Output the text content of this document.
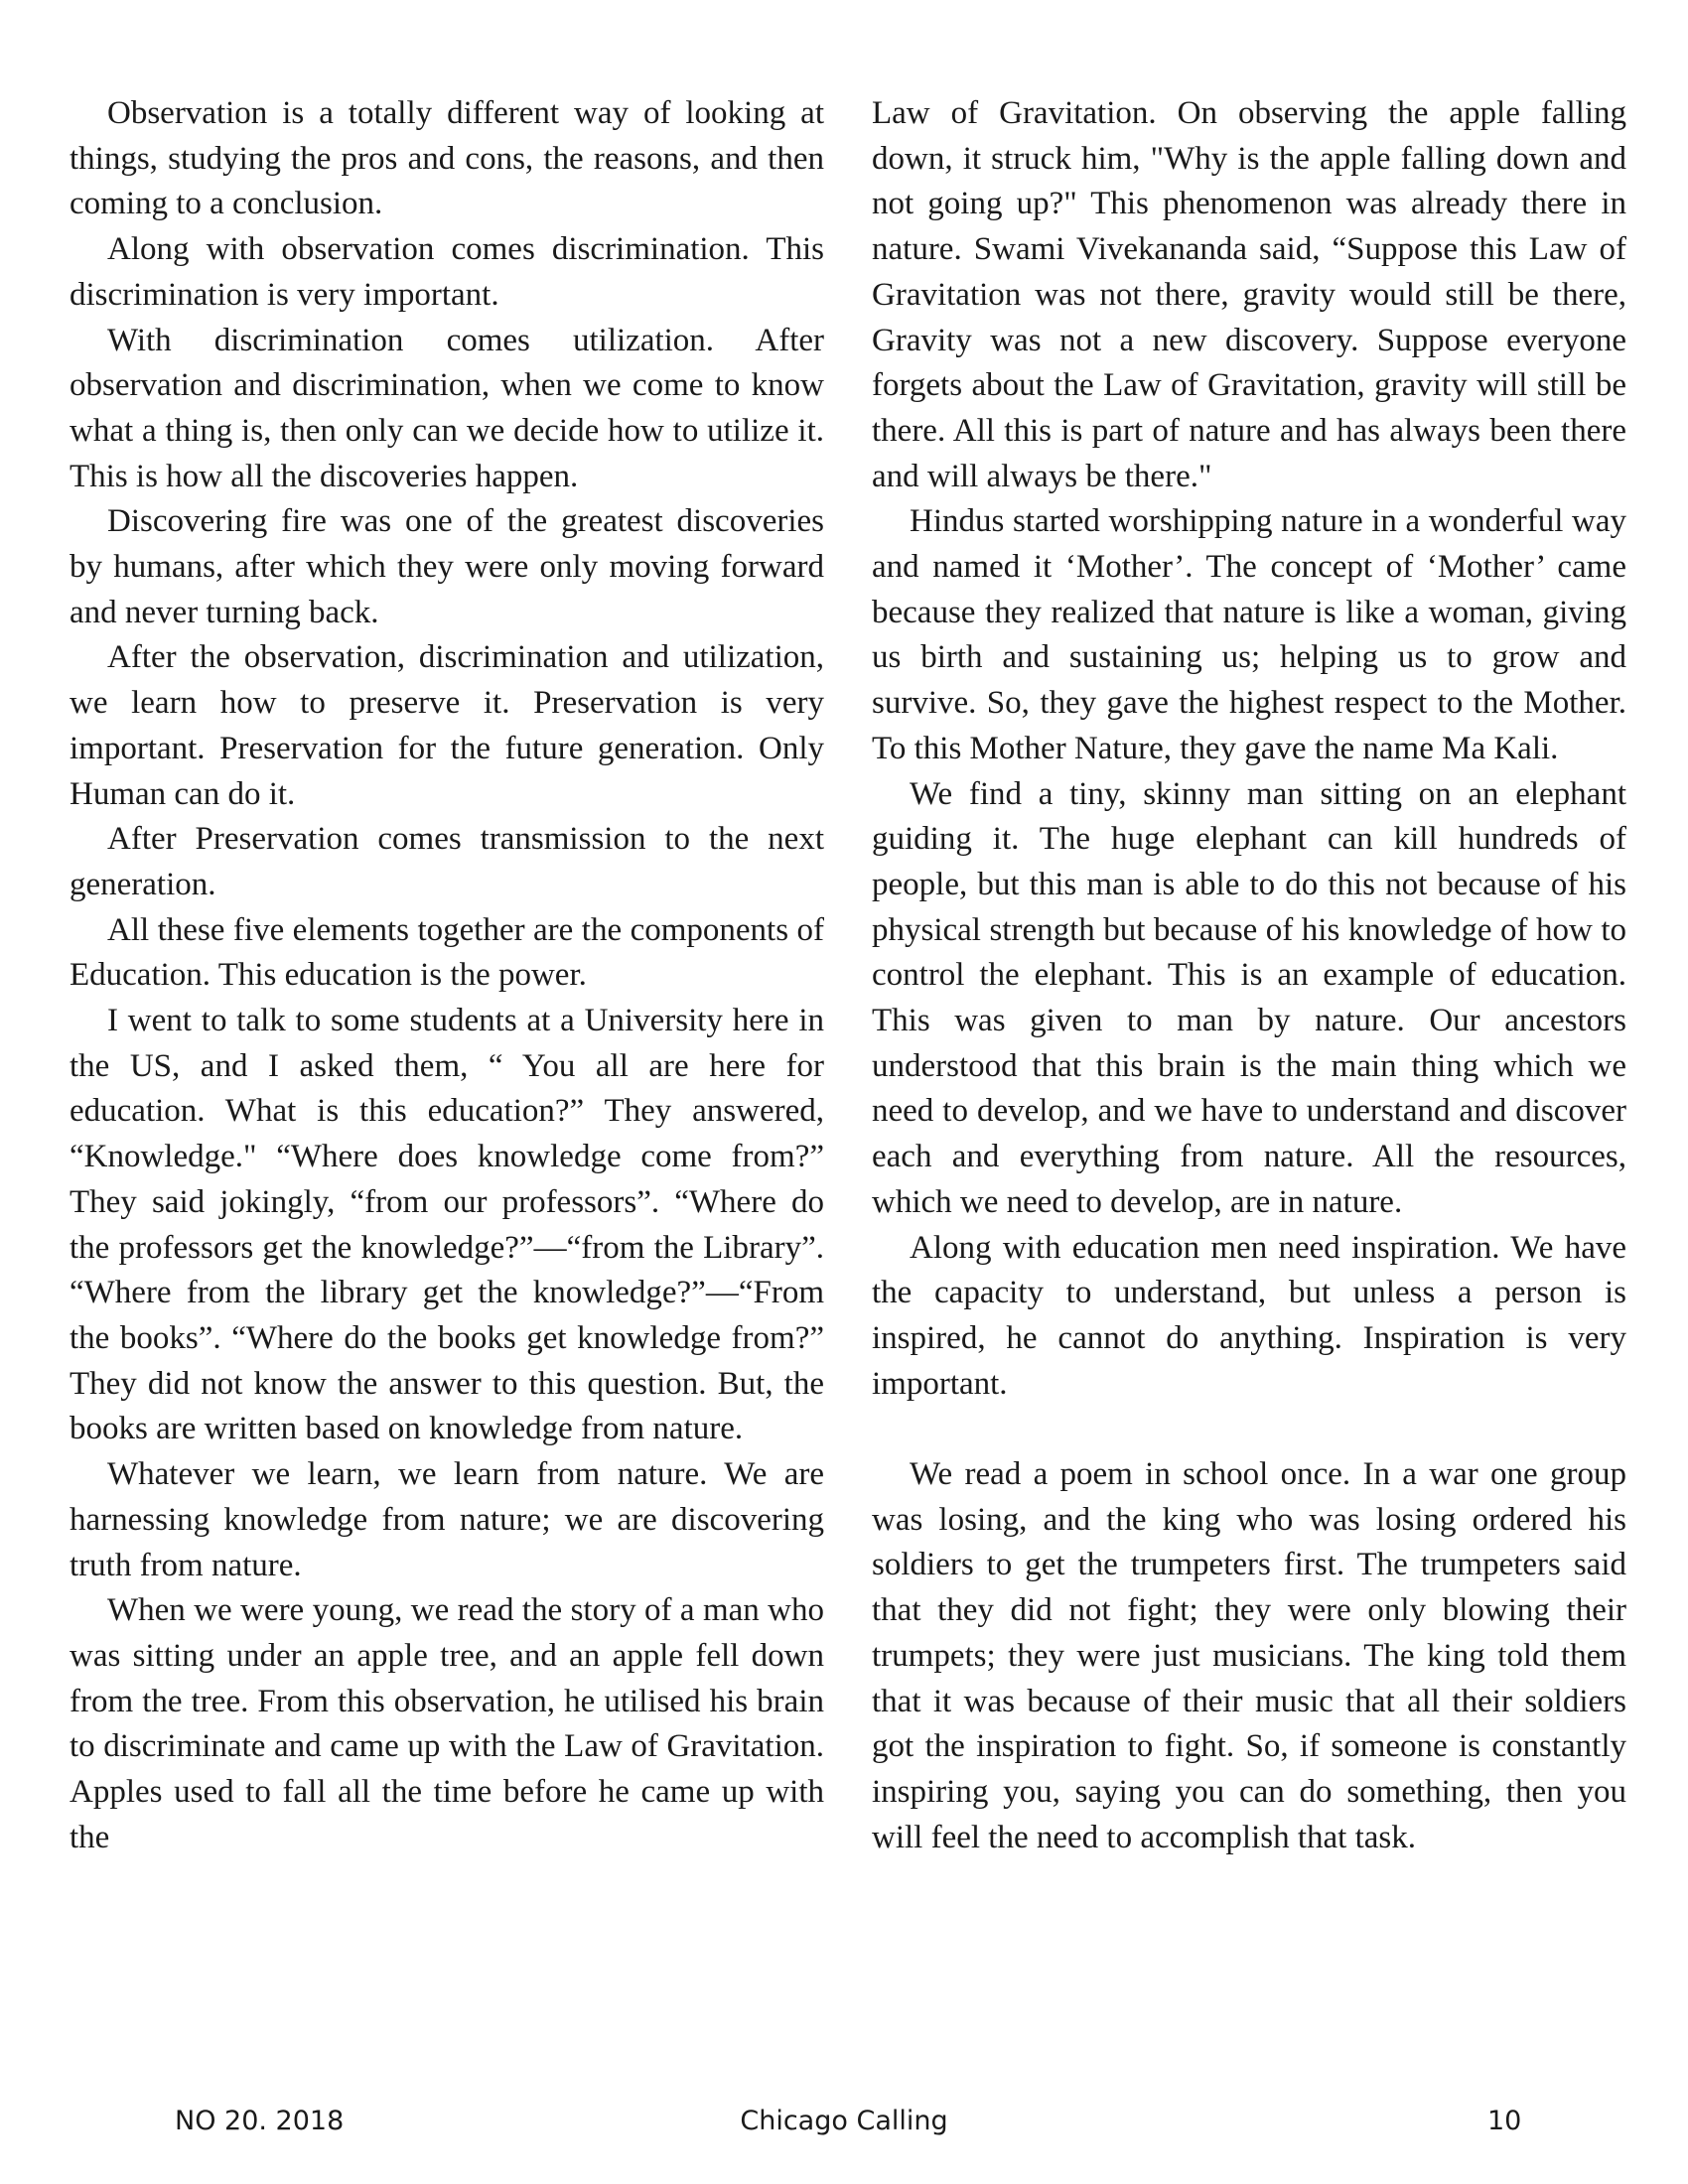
Observation is a totally different way of looking at things, studying the pros and cons, the reasons, and then coming to a conclusion.

Along with observation comes discrimination. This discrimination is very important.

With discrimination comes utilization. After observation and discrimination, when we come to know what a thing is, then only can we decide how to utilize it. This is how all the discoveries happen.

Discovering fire was one of the greatest discoveries by humans, after which they were only moving forward and never turning back.

After the observation, discrimination and utilization, we learn how to preserve it. Preservation is very important. Preservation for the future generation. Only Human can do it.

After Preservation comes transmission to the next generation.

All these five elements together are the components of Education. This education is the power.

I went to talk to some students at a University here in the US, and I asked them, “ You all are here for education. What is this education?” They answered, “Knowledge." “Where does knowledge come from?” They said jokingly, “from our professors”. “Where do the professors get the knowledge?”—“from the Library”. “Where from the library get the knowledge?”—“From the books”. “Where do the books get knowledge from?” They did not know the answer to this question. But, the books are written based on knowledge from nature.

Whatever we learn, we learn from nature. We are harnessing knowledge from nature; we are discovering truth from nature.

When we were young, we read the story of a man who was sitting under an apple tree, and an apple fell down from the tree. From this observation, he utilised his brain to discriminate and came up with the Law of Gravitation. Apples used to fall all the time before he came up with the

Law of Gravitation. On observing the apple falling down, it struck him, "Why is the apple falling down and not going up?" This phenomenon was already there in nature. Swami Vivekananda said, “Suppose this Law of Gravitation was not there, gravity would still be there, Gravity was not a new discovery. Suppose everyone forgets about the Law of Gravitation, gravity will still be there. All this is part of nature and has always been there and will always be there."

Hindus started worshipping nature in a wonderful way and named it ‘Mother’. The concept of ‘Mother’ came because they realized that nature is like a woman, giving us birth and sustaining us; helping us to grow and survive. So, they gave the highest respect to the Mother. To this Mother Nature, they gave the name Ma Kali.

We find a tiny, skinny man sitting on an elephant guiding it. The huge elephant can kill hundreds of people, but this man is able to do this not because of his physical strength but because of his knowledge of how to control the elephant. This is an example of education. This was given to man by nature. Our ancestors understood that this brain is the main thing which we need to develop, and we have to understand and discover each and everything from nature. All the resources, which we need to develop, are in nature.

Along with education men need inspiration. We have the capacity to understand, but unless a person is inspired, he cannot do anything. Inspiration is very important.

We read a poem in school once. In a war one group was losing, and the king who was losing ordered his soldiers to get the trumpeters first. The trumpeters said that they did not fight; they were only blowing their trumpets; they were just musicians. The king told them that it was because of their music that all their soldiers got the inspiration to fight. So, if someone is constantly inspiring you, saying you can do something, then you will feel the need to accomplish that task.

NO 20. 2018	Chicago Calling	10
